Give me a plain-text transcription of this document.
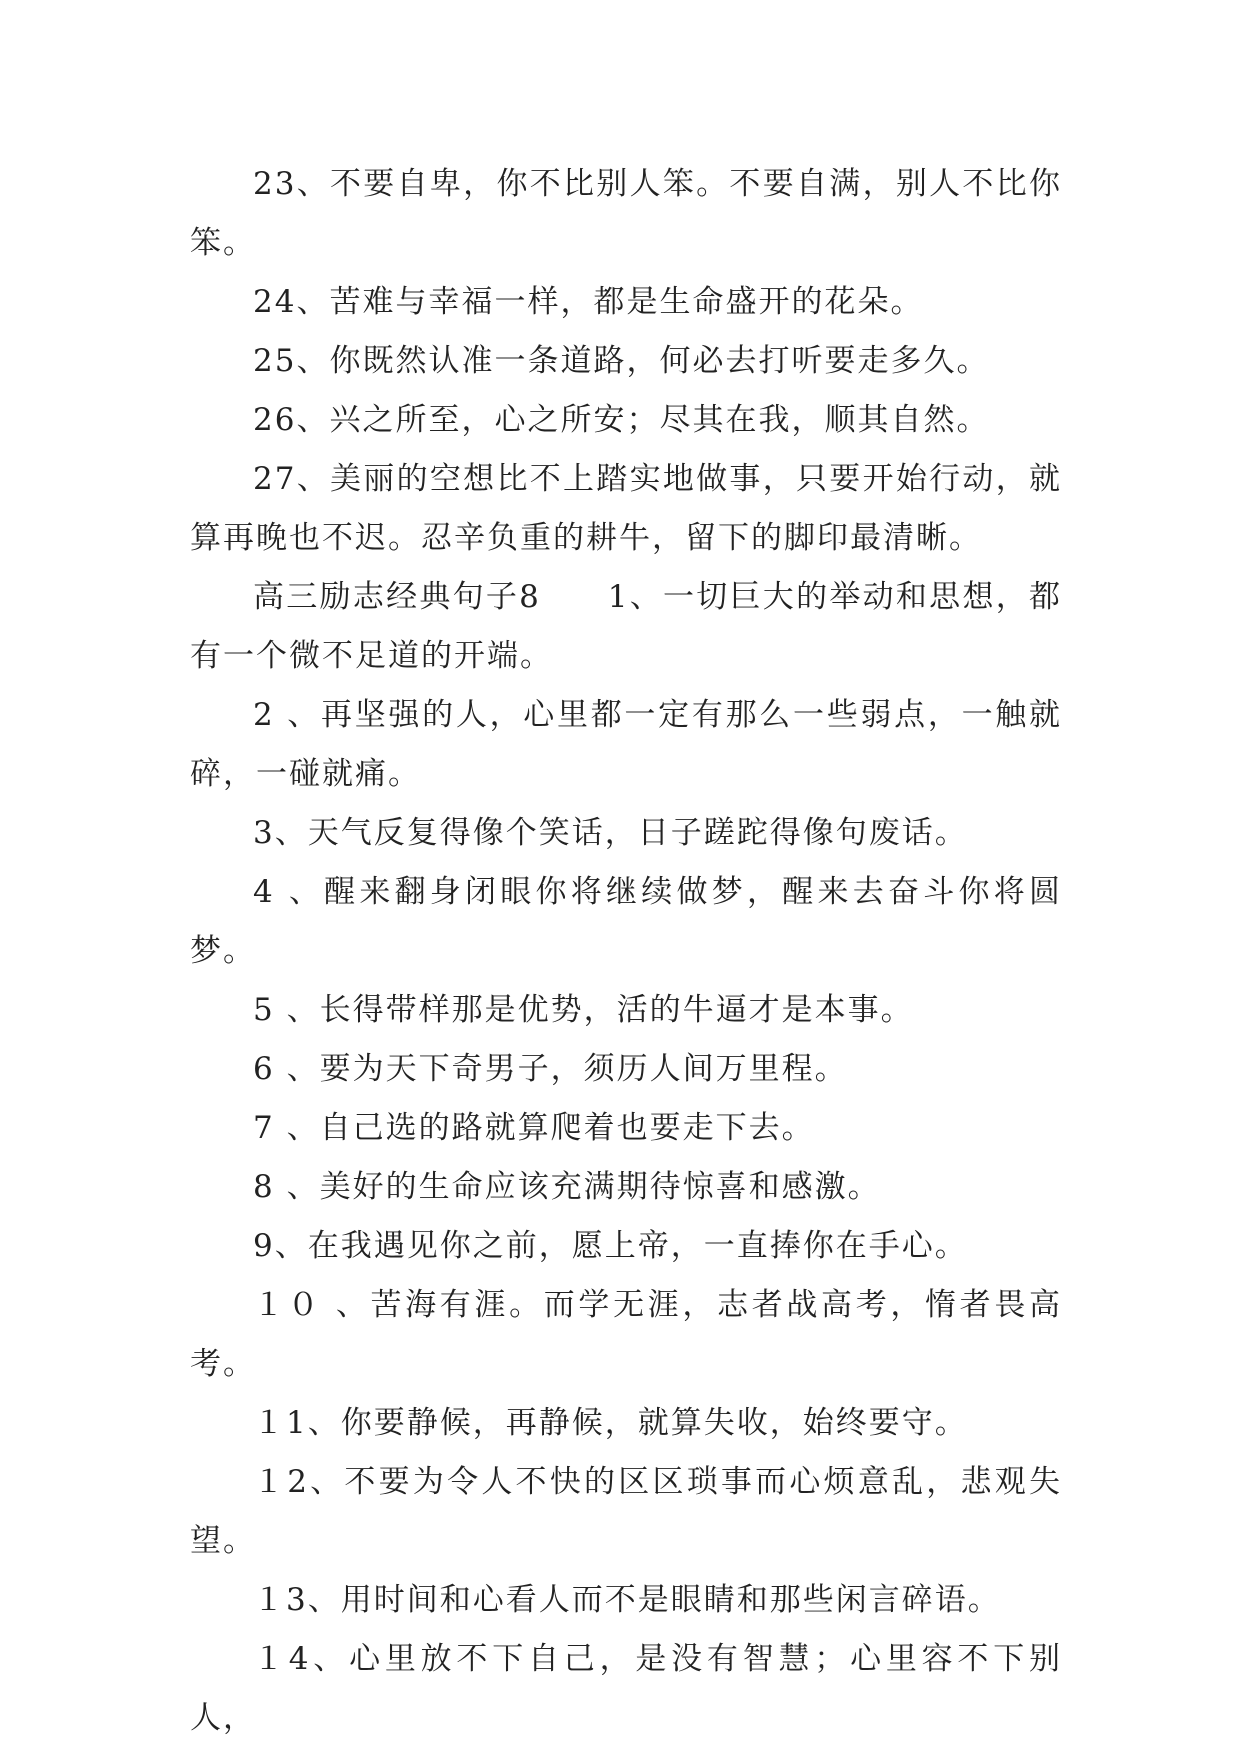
23、不要自卑，你不比别人笨。不要自满，别人不比你笨。

24、苦难与幸福一样，都是生命盛开的花朵。

25、你既然认准一条道路，何必去打听要走多久。

26、兴之所至，心之所安；尽其在我，顺其自然。

27、美丽的空想比不上踏实地做事，只要开始行动，就算再晚也不迟。忍辛负重的耕牛，留下的脚印最清晰。

高三励志经典句子8　　1、一切巨大的举动和思想，都有一个微不足道的开端。

2 、再坚强的人，心里都一定有那么一些弱点，一触就碎，一碰就痛。

3、天气反复得像个笑话，日子蹉跎得像句废话。

4 、醒来翻身闭眼你将继续做梦，醒来去奋斗你将圆梦。

5 、长得带样那是优势，活的牛逼才是本事。

6 、要为天下奇男子，须历人间万里程。

7 、自己选的路就算爬着也要走下去。

8 、美好的生命应该充满期待惊喜和感激。

9、在我遇见你之前，愿上帝，一直捧你在手心。

１０ 、苦海有涯。而学无涯，志者战高考，惰者畏高考。

１1、你要静候，再静候，就算失收，始终要守。

１2、不要为令人不快的区区琐事而心烦意乱，悲观失望。

１3、用时间和心看人而不是眼睛和那些闲言碎语。

１4、心里放不下自己，是没有智慧；心里容不下别人，
